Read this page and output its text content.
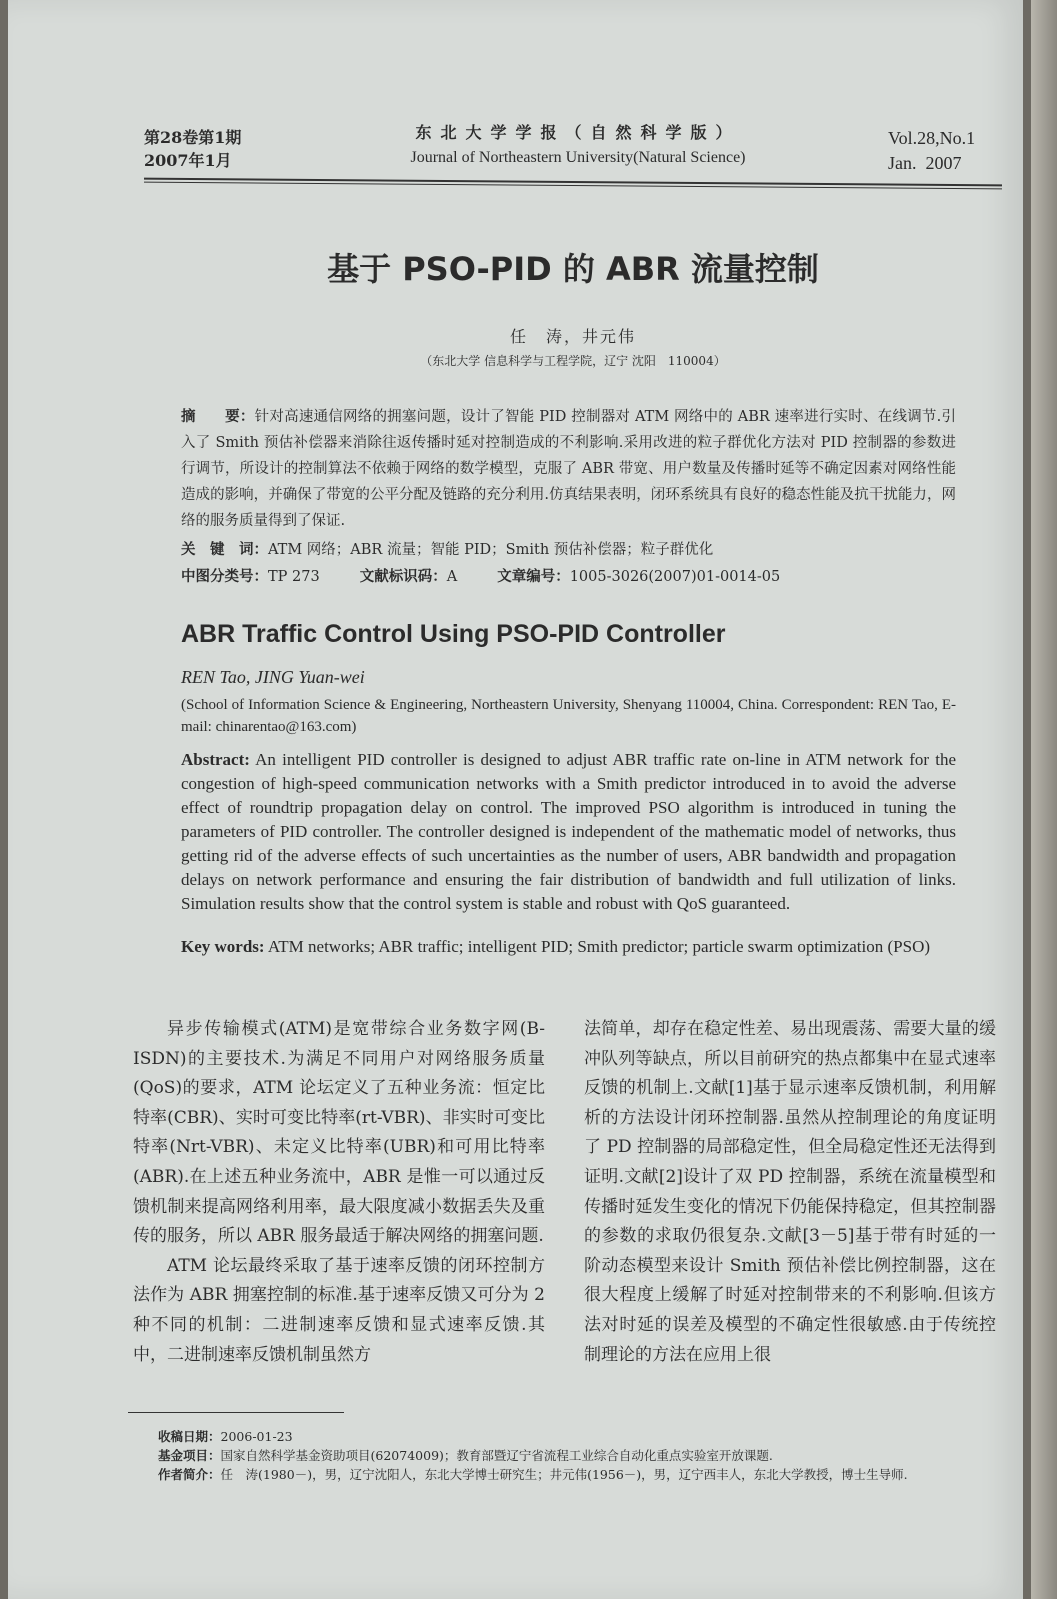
第28卷第1期
2007年1月
东北大学学报（自然科学版）
Journal of Northeastern University(Natural Science)
Vol.28,No.1
Jan.  2007
基于 PSO-PID 的 ABR 流量控制
任　涛，井元伟
（东北大学 信息科学与工程学院，辽宁 沈阳　110004）
摘　　要：针对高速通信网络的拥塞问题，设计了智能 PID 控制器对 ATM 网络中的 ABR 速率进行实时、在线调节.引入了 Smith 预估补偿器来消除往返传播时延对控制造成的不利影响.采用改进的粒子群优化方法对 PID 控制器的参数进行调节，所设计的控制算法不依赖于网络的数学模型，克服了 ABR 带宽、用户数量及传播时延等不确定因素对网络性能造成的影响，并确保了带宽的公平分配及链路的充分利用.仿真结果表明，闭环系统具有良好的稳态性能及抗干扰能力，网络的服务质量得到了保证.
关　键　词：ATM 网络；ABR 流量；智能 PID；Smith 预估补偿器；粒子群优化
中图分类号：TP 273	文献标识码：A	文章编号：1005-3026(2007)01-0014-05
ABR Traffic Control Using PSO-PID Controller
REN Tao, JING Yuan-wei
(School of Information Science & Engineering, Northeastern University, Shenyang 110004, China. Correspondent: REN Tao, E-mail: chinarentao@163.com)
Abstract: An intelligent PID controller is designed to adjust ABR traffic rate on-line in ATM network for the congestion of high-speed communication networks with a Smith predictor introduced in to avoid the adverse effect of roundtrip propagation delay on control. The improved PSO algorithm is introduced in tuning the parameters of PID controller. The controller designed is independent of the mathematic model of networks, thus getting rid of the adverse effects of such uncertainties as the number of users, ABR bandwidth and propagation delays on network performance and ensuring the fair distribution of bandwidth and full utilization of links. Simulation results show that the control system is stable and robust with QoS guaranteed.
Key words: ATM networks; ABR traffic; intelligent PID; Smith predictor; particle swarm optimization (PSO)

异步传输模式(ATM)是宽带综合业务数字网(B-ISDN)的主要技术.为满足不同用户对网络服务质量(QoS)的要求，ATM 论坛定义了五种业务流：恒定比特率(CBR)、实时可变比特率(rt-VBR)、非实时可变比特率(Nrt-VBR)、未定义比特率(UBR)和可用比特率(ABR).在上述五种业务流中，ABR 是惟一可以通过反馈机制来提高网络利用率，最大限度减小数据丢失及重传的服务，所以 ABR 服务最适于解决网络的拥塞问题.

ATM 论坛最终采取了基于速率反馈的闭环控制方法作为 ABR 拥塞控制的标准.基于速率反馈又可分为 2 种不同的机制：二进制速率反馈和显式速率反馈.其中，二进制速率反馈机制虽然方

法简单，却存在稳定性差、易出现震荡、需要大量的缓冲队列等缺点，所以目前研究的热点都集中在显式速率反馈的机制上.文献[1]基于显示速率反馈机制，利用解析的方法设计闭环控制器.虽然从控制理论的角度证明了 PD 控制器的局部稳定性，但全局稳定性还无法得到证明.文献[2]设计了双 PD 控制器，系统在流量模型和传播时延发生变化的情况下仍能保持稳定，但其控制器的参数的求取仍很复杂.文献[3－5]基于带有时延的一阶动态模型来设计 Smith 预估补偿比例控制器，这在很大程度上缓解了时延对控制带来的不利影响.但该方法对时延的误差及模型的不确定性很敏感.由于传统控制理论的方法在应用上很

收稿日期：2006-01-23
基金项目：国家自然科学基金资助项目(62074009)；教育部暨辽宁省流程工业综合自动化重点实验室开放课题.
作者简介：任　涛(1980－)，男，辽宁沈阳人，东北大学博士研究生；井元伟(1956－)，男，辽宁西丰人，东北大学教授，博士生导师.
